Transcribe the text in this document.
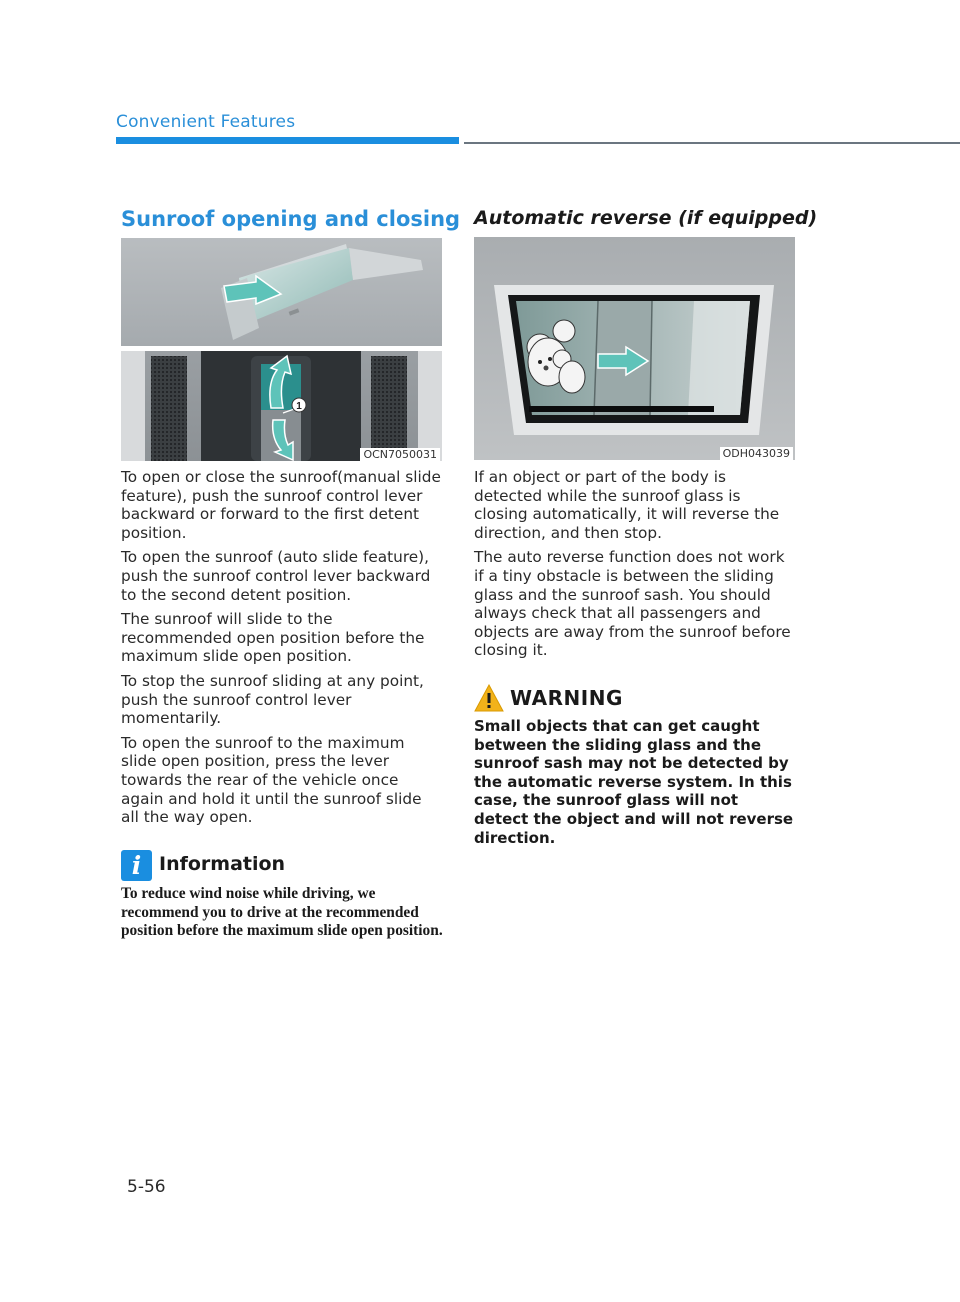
Convenient Features
Sunroof opening and closing
1
OCN7050031

To open or close the sunroof(manual slide feature), push the sunroof control lever backward or forward to the first detent position.

To open the sunroof (auto slide feature), push the sunroof control lever backward to the second detent position.

The sunroof will slide to the recommended open position before the maximum slide open position.

To stop the sunroof sliding at any point, push the sunroof control lever momentarily.

To open the sunroof to the maximum slide open position, press the lever towards the rear of the vehicle once again and hold it until the sunroof slide all the way open.

i Information
To reduce wind noise while driving, we recommend you to drive at the recommended position before the maximum slide open position.
Automatic reverse (if equipped)
ODH043039

If an object or part of the body is detected while the sunroof glass is closing automatically, it will reverse the direction, and then stop.

The auto reverse function does not work if a tiny obstacle is between the sliding glass and the sunroof sash. You should always check that all passengers and objects are away from the sunroof before closing it.

WARNING
Small objects that can get caught between the sliding glass and the sunroof sash may not be detected by the automatic reverse system. In this case, the sunroof glass will not detect the object and will not reverse direction.
5-56
